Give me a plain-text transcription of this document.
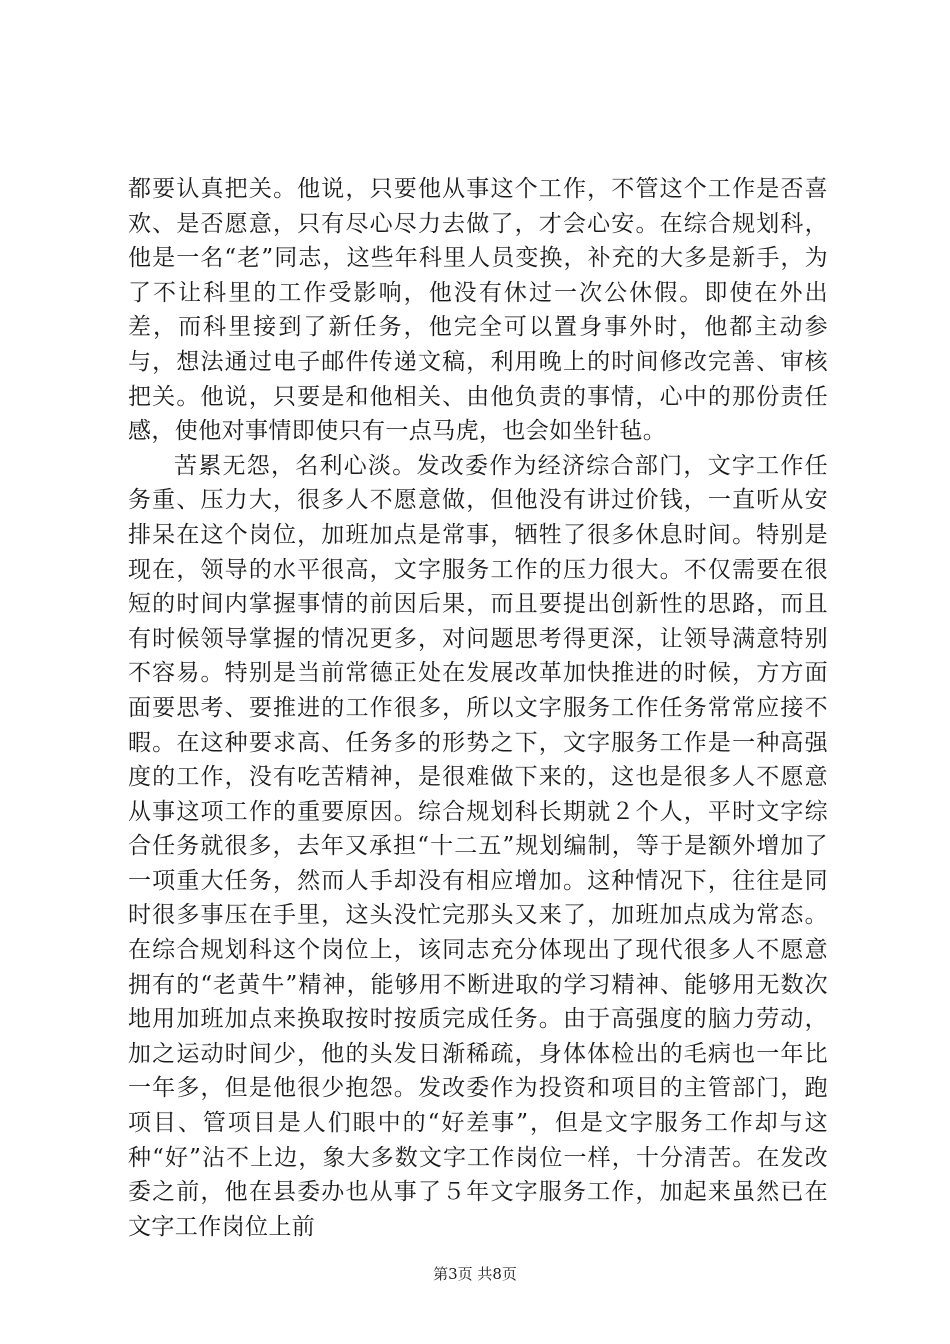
都要认真把关。他说，只要他从事这个工作，不管这个工作是否喜欢、是否愿意，只有尽心尽力去做了，才会心安。在综合规划科，他是一名“老”同志，这些年科里人员变换，补充的大多是新手，为了不让科里的工作受影响，他没有休过一次公休假。即使在外出差，而科里接到了新任务，他完全可以置身事外时，他都主动参与，想法通过电子邮件传递文稿，利用晚上的时间修改完善、审核把关。他说，只要是和他相关、由他负责的事情，心中的那份责任感，使他对事情即使只有一点马虎，也会如坐针毡。

苦累无怨，名利心淡。发改委作为经济综合部门，文字工作任务重、压力大，很多人不愿意做，但他没有讲过价钱，一直听从安排呆在这个岗位，加班加点是常事，牺牲了很多休息时间。特别是现在，领导的水平很高，文字服务工作的压力很大。不仅需要在很短的时间内掌握事情的前因后果，而且要提出创新性的思路，而且有时候领导掌握的情况更多，对问题思考得更深，让领导满意特别不容易。特别是当前常德正处在发展改革加快推进的时候，方方面面要思考、要推进的工作很多，所以文字服务工作任务常常应接不暇。在这种要求高、任务多的形势之下，文字服务工作是一种高强度的工作，没有吃苦精神，是很难做下来的，这也是很多人不愿意从事这项工作的重要原因。综合规划科长期就２个人，平时文字综合任务就很多，去年又承担“十二五”规划编制，等于是额外增加了一项重大任务，然而人手却没有相应增加。这种情况下，往往是同时很多事压在手里，这头没忙完那头又来了，加班加点成为常态。在综合规划科这个岗位上，该同志充分体现出了现代很多人不愿意拥有的“老黄牛”精神，能够用不断进取的学习精神、能够用无数次地用加班加点来换取按时按质完成任务。由于高强度的脑力劳动，加之运动时间少，他的头发日渐稀疏，身体体检出的毛病也一年比一年多，但是他很少抱怨。发改委作为投资和项目的主管部门，跑项目、管项目是人们眼中的“好差事”，但是文字服务工作却与这种“好”沾不上边，象大多数文字工作岗位一样，十分清苦。在发改委之前，他在县委办也从事了５年文字服务工作，加起来虽然已在文字工作岗位上前

第3页 共8页
